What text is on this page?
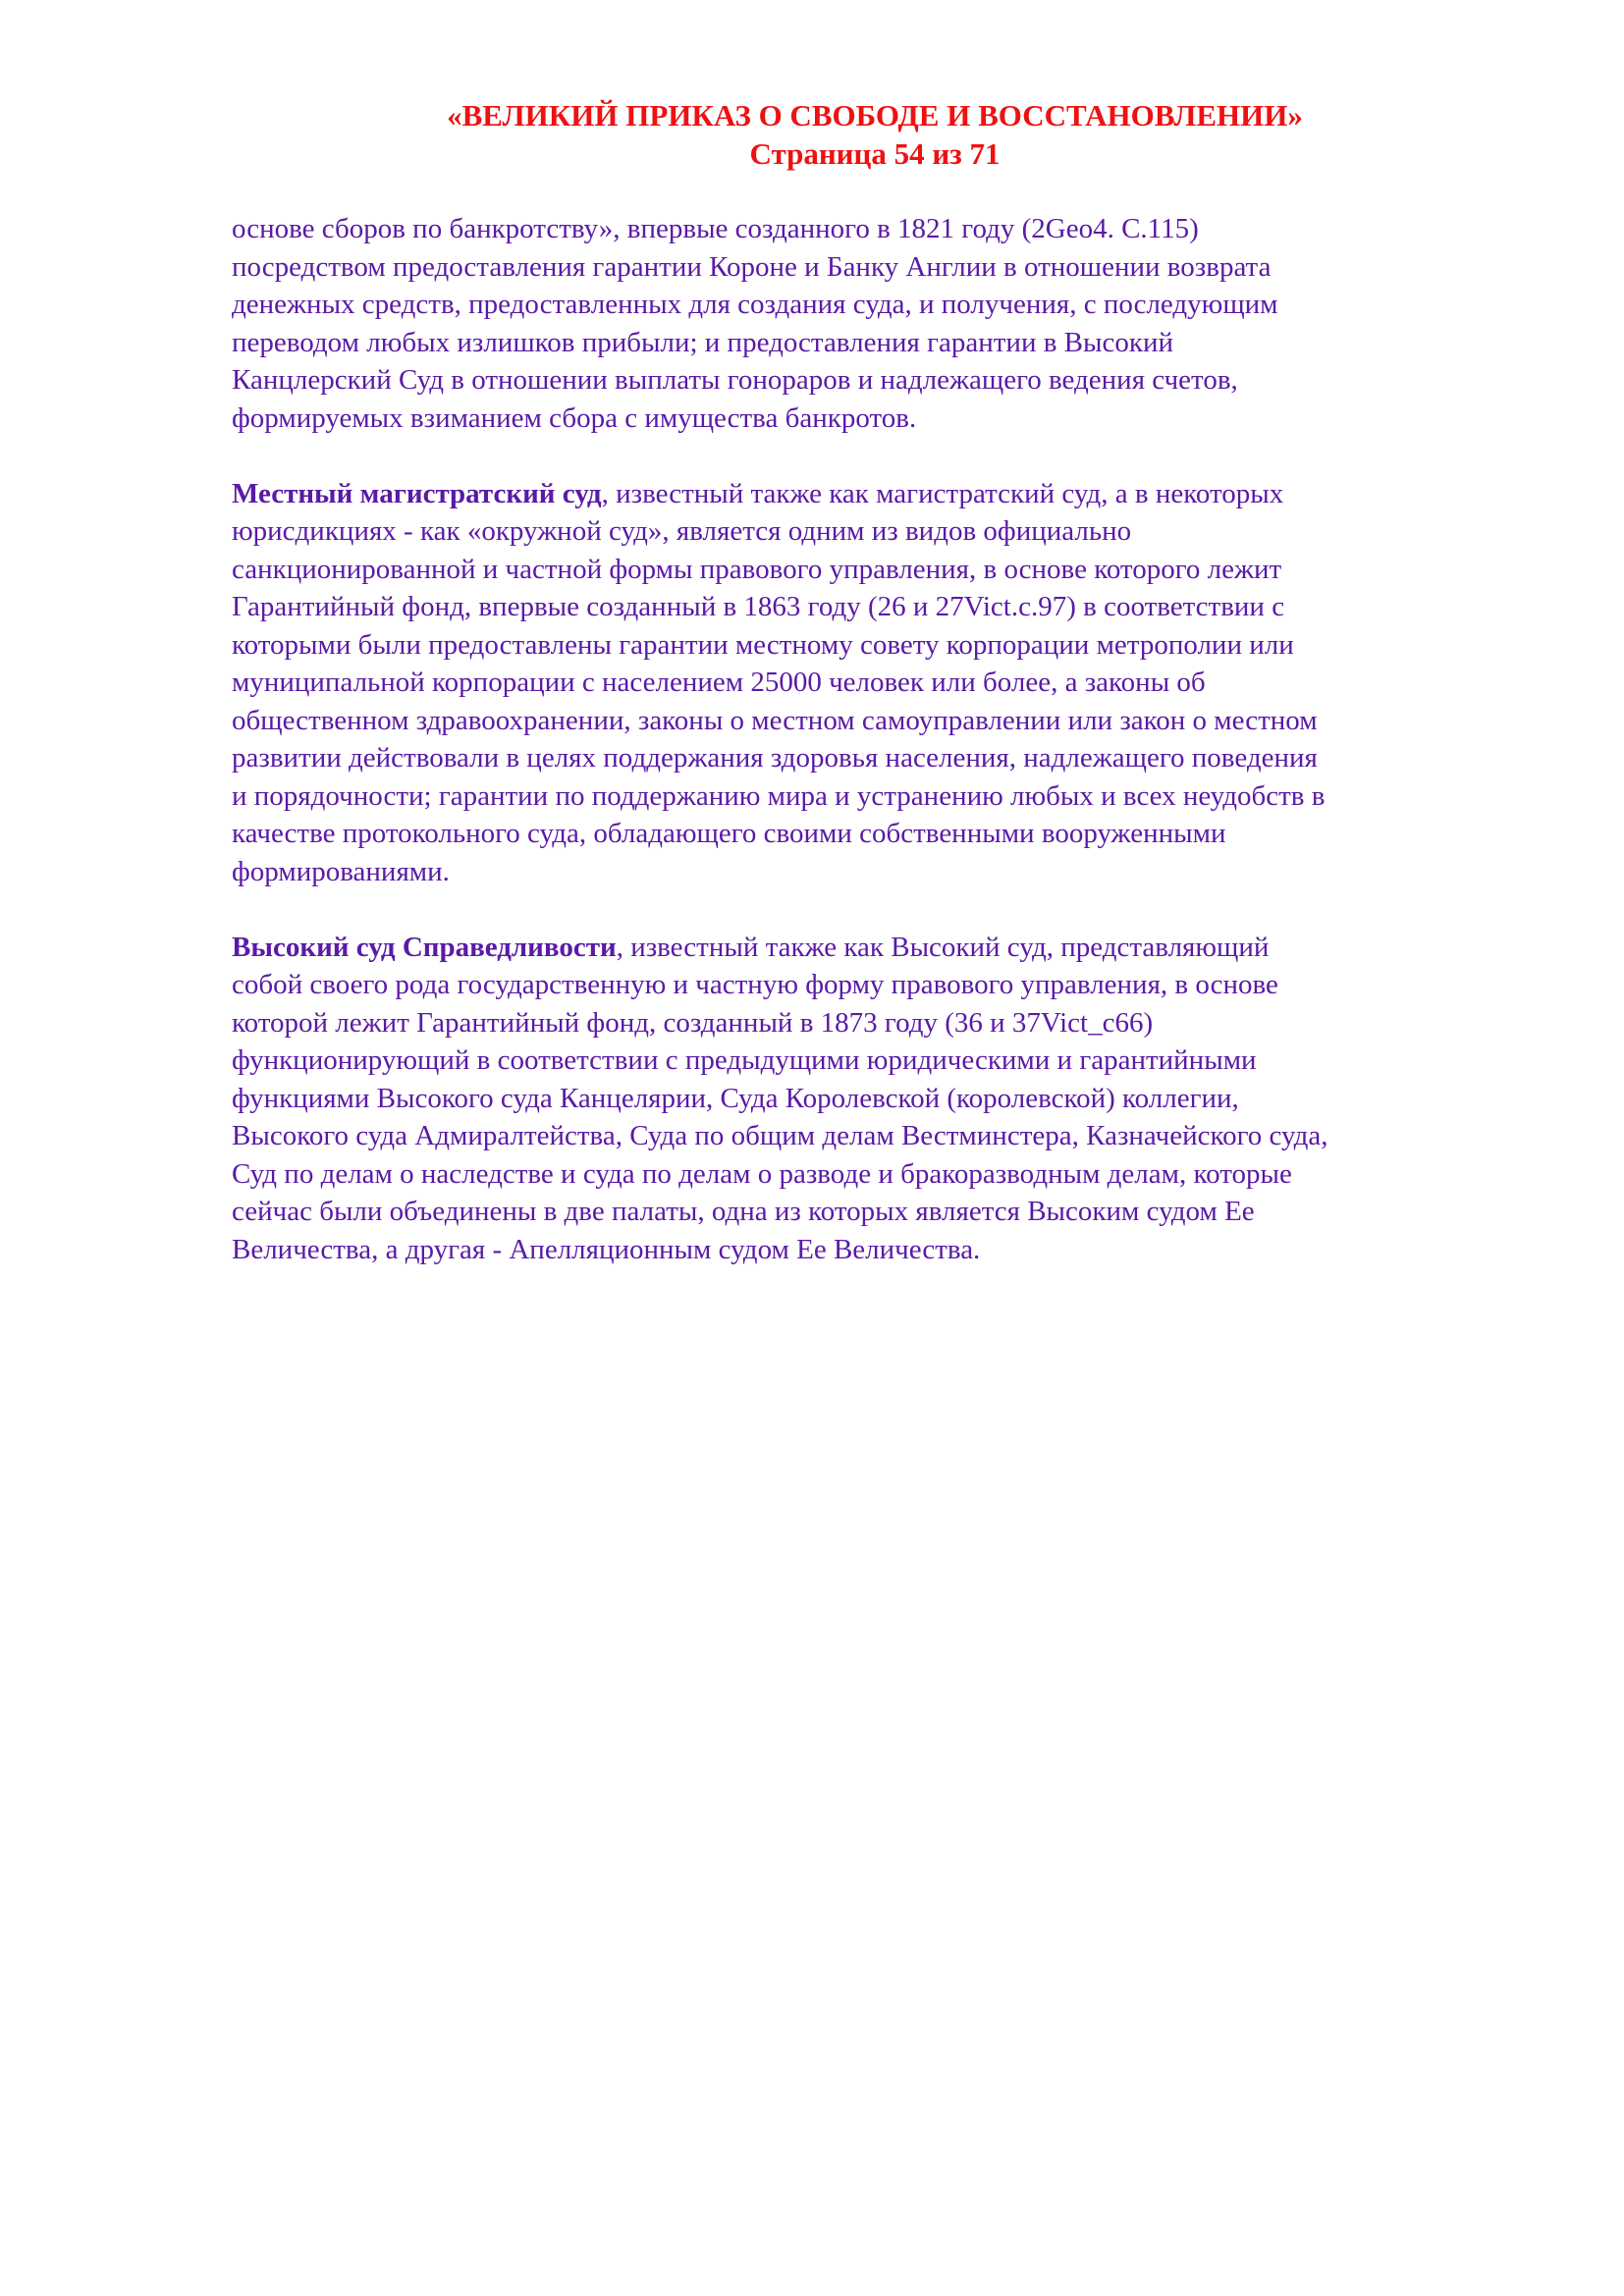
«ВЕЛИКИЙ ПРИКАЗ О СВОБОДЕ И ВОССТАНОВЛЕНИИ»
Страница 54 из 71
основе сборов по банкротству», впервые созданного в 1821 году (2Geo4. C.115)
посредством предоставления гарантии Короне и Банку Англии в отношении возврата
денежных средств, предоставленных для создания суда, и получения, с последующим
переводом любых излишков прибыли; и предоставления гарантии в Высокий
Канцлерский Суд в отношении выплаты гонораров и надлежащего ведения счетов,
формируемых взиманием сбора с имущества банкротов.
Местный магистратский суд, известный также как магистратский суд, а в некоторых
юрисдикциях - как «окружной суд», является одним из видов официально
санкционированной и частной формы правового управления, в основе которого лежит
Гарантийный фонд, впервые созданный в 1863 году (26 и 27Vict.c.97) в соответствии с
которыми были предоставлены гарантии местному совету корпорации метрополии или
муниципальной корпорации с населением 25000 человек или более, а законы об
общественном здравоохранении, законы о местном самоуправлении или закон о местном
развитии действовали в целях поддержания здоровья населения, надлежащего поведения
и порядочности; гарантии по поддержанию мира и устранению любых и всех неудобств в
качестве протокольного суда, обладающего своими собственными вооруженными
формированиями.
Высокий суд Справедливости, известный также как Высокий суд, представляющий
собой своего рода государственную и частную форму правового управления, в основе
которой лежит Гарантийный фонд, созданный в 1873 году (36 и 37Vict_c66)
функционирующий в соответствии с предыдущими юридическими и гарантийными
функциями Высокого суда Канцелярии, Суда Королевской (королевской) коллегии,
Высокого суда Адмиралтейства, Суда по общим делам Вестминстера, Казначейского суда,
Суд по делам о наследстве и суда по делам о разводе и бракоразводным делам, которые
сейчас были объединены в две палаты, одна из которых является Высоким судом Ее
Величества, а другая - Апелляционным судом Ее Величества.
